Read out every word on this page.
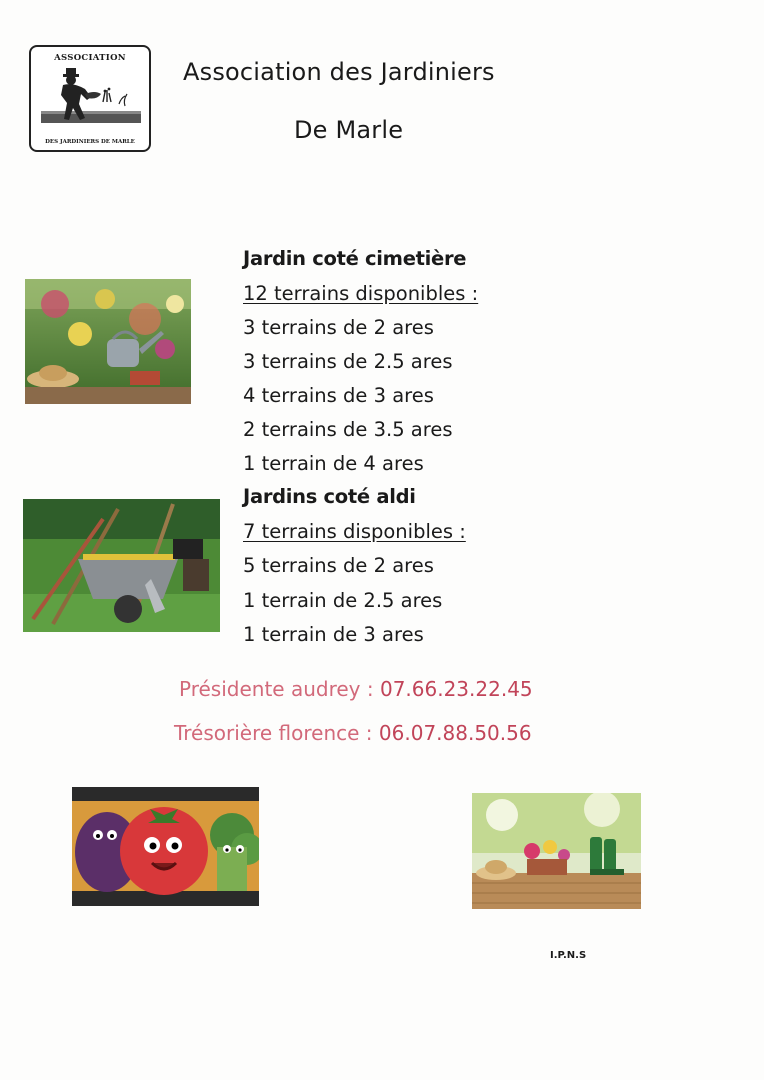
ASSOCIATION
DES JARDINIERS DE MARLE
Association des Jardiniers
De Marle
Jardin coté cimetière
12 terrains disponibles :
3 terrains de 2 ares
3 terrains de 2.5 ares
4 terrains de 3 ares
2 terrains de 3.5 ares
1 terrain de 4 ares
Jardins coté aldi
7 terrains disponibles :
5 terrains de 2 ares
1 terrain de 2.5 ares
1 terrain de 3 ares
Présidente audrey : 07.66.23.22.45
Trésorière florence : 06.07.88.50.56
I.P.N.S
